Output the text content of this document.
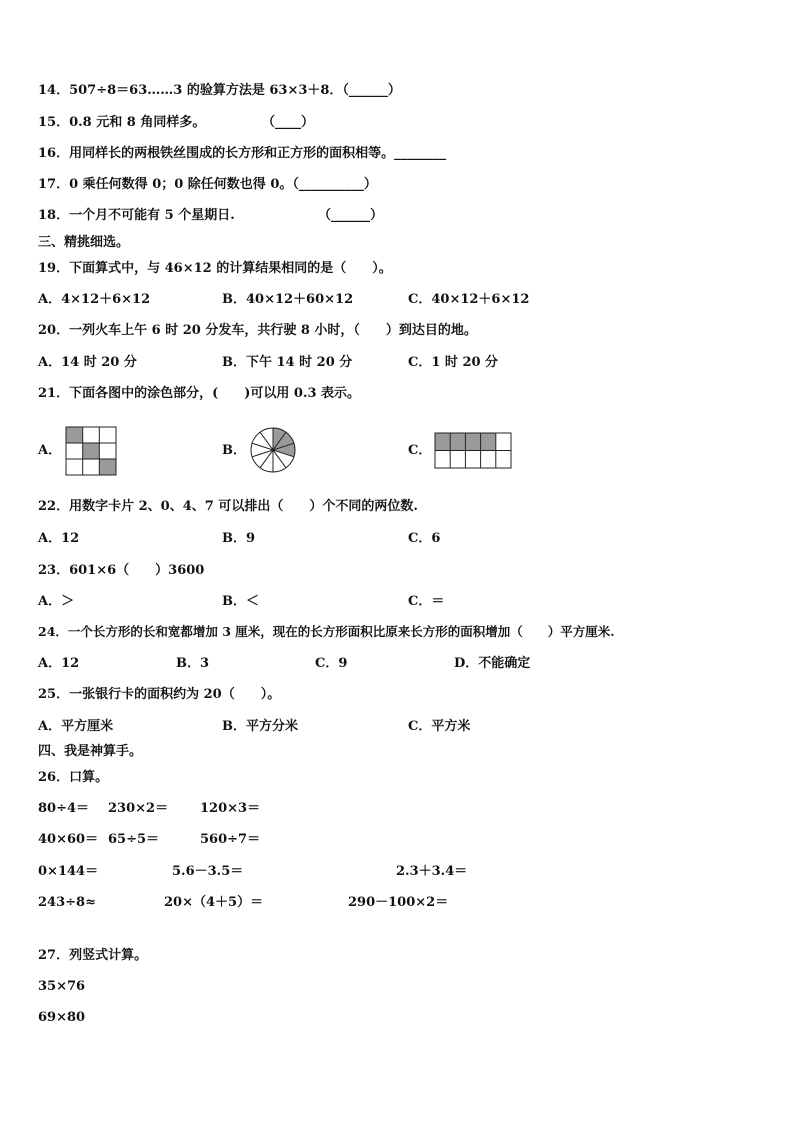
14．507÷8＝63……3 的验算方法是 63×3＋8．（______）
15．0.8 元和 8 角同样多。	（____）
16．用同样长的两根铁丝围成的长方形和正方形的面积相等。________
17．0 乘任何数得 0；0 除任何数也得 0。（__________）
18．一个月不可能有 5 个星期日.	（______）
三、精挑细选。
19．下面算式中，与 46×12 的计算结果相同的是（　　）。
A．4×12＋6×12	B．40×12＋60×12	C．40×12＋6×12
20．一列火车上午 6 时 20 分发车，共行驶 8 小时，（　　）到达目的地。
A．14 时 20 分	B．下午 14 时 20 分	C．1 时 20 分
21．下面各图中的涂色部分，(　　)可以用 0.3 表示。
A．	B．	C．
22．用数字卡片 2、0、4、7 可以排出（　　）个不同的两位数.
A．12	B．9	C．6
23．601×6（　　）3600
A．＞	B．＜	C．＝
24．一个长方形的长和宽都增加 3 厘米，现在的长方形面积比原来长方形的面积增加（　　）平方厘米.
A．12	B．3	C．9	D．不能确定
25．一张银行卡的面积约为 20（　　）。
A．平方厘米	B．平方分米	C．平方米
四、我是神算手。
26．口算。
80÷4＝ 230×2＝ 120×3＝
40×60＝ 65÷5＝	560÷7＝
0×144＝	5.6－3.5＝	2.3＋3.4＝
243÷8≈	20×（4＋5）＝	290－100×2＝
27．列竖式计算。
35×76
69×80
